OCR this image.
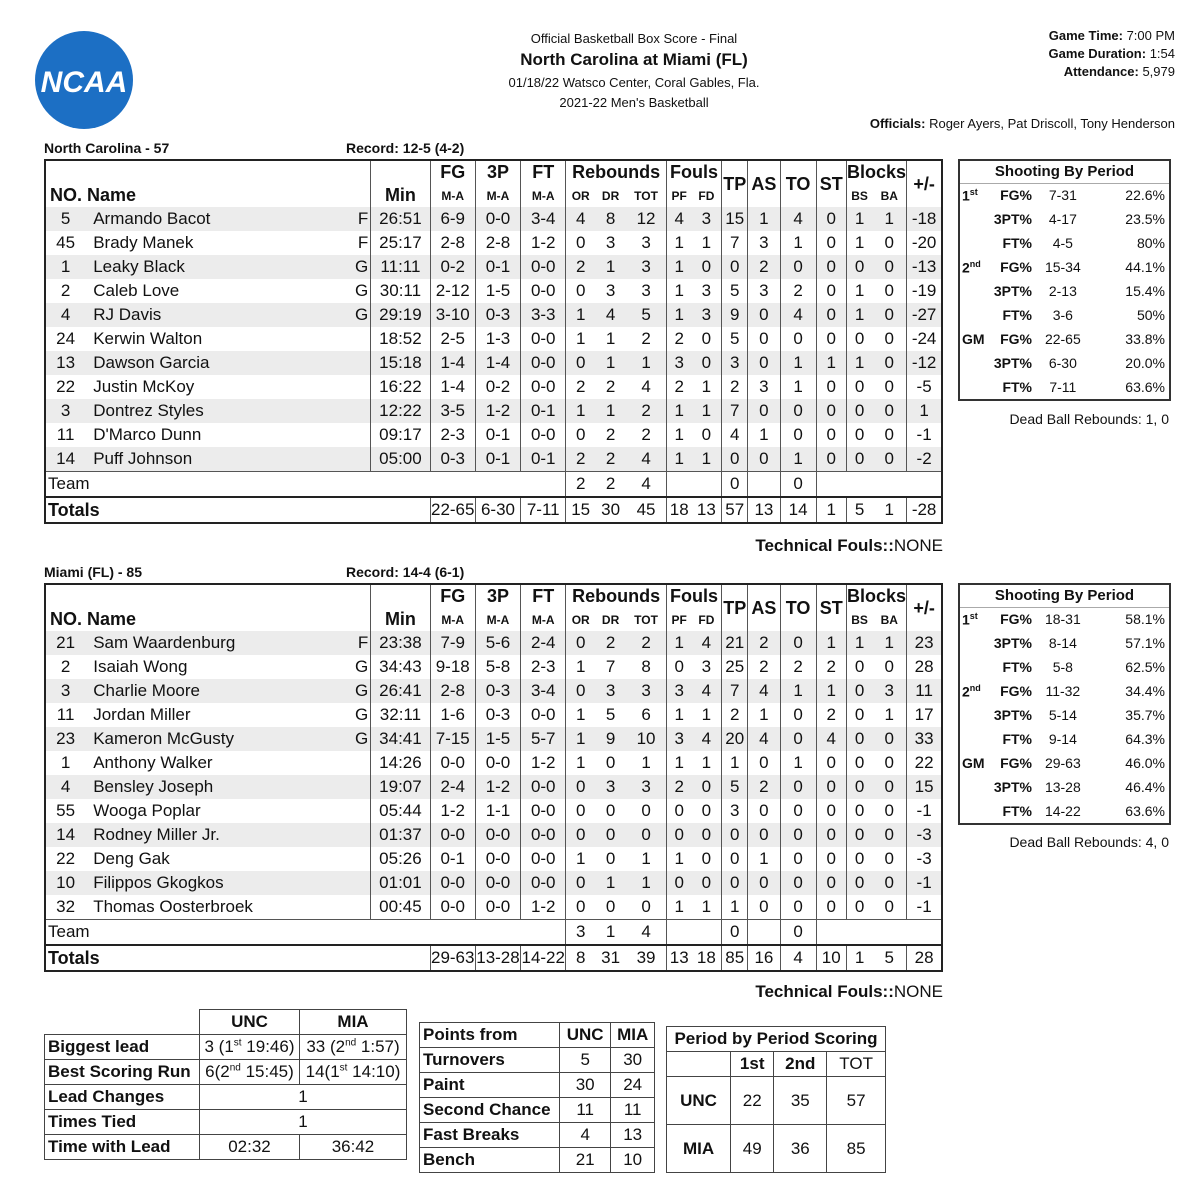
NCAA
Official Basketball Box Score - Final
North Carolina at Miami (FL)
01/18/22 Watsco Center, Coral Gables, Fla.
2021-22 Men's Basketball
Game Time: 7:00 PM
Game Duration: 1:54
Attendance: 5,979
Officials: Roger Ayers, Pat Driscoll, Tony Henderson
North Carolina - 57	Record: 12-5 (4-2)
				FG	3P	FT	Rebounds			Fouls		TP	AS	TO	ST	Blocks		+/-
NO. Name			Min	M-A	M-A	M-A	OR	DR	TOT	PF	FD					BS	BA	
5	Armando Bacot	F	26:51	6-9	0-0	3-4	4	8	12	4	3	15	1	4	0	1	1	-18
45	Brady Manek	F	25:17	2-8	2-8	1-2	0	3	3	1	1	7	3	1	0	1	0	-20
1	Leaky Black	G	11:11	0-2	0-1	0-0	2	1	3	1	0	0	2	0	0	0	0	-13
2	Caleb Love	G	30:11	2-12	1-5	0-0	0	3	3	1	3	5	3	2	0	1	0	-19
4	RJ Davis	G	29:19	3-10	0-3	3-3	1	4	5	1	3	9	0	4	0	1	0	-27
24	Kerwin Walton		18:52	2-5	1-3	0-0	1	1	2	2	0	5	0	0	0	0	0	-24
13	Dawson Garcia		15:18	1-4	1-4	0-0	0	1	1	3	0	3	0	1	1	1	0	-12
22	Justin McKoy		16:22	1-4	0-2	0-0	2	2	4	2	1	2	3	1	0	0	0	-5
3	Dontrez Styles		12:22	3-5	1-2	0-1	1	1	2	1	1	7	0	0	0	0	0	1
11	D'Marco Dunn		09:17	2-3	0-1	0-0	0	2	2	1	0	4	1	0	0	0	0	-1
14	Puff Johnson		05:00	0-3	0-1	0-1	2	2	4	1	1	0	0	1	0	0	0	-2
Team							2	2	4			0		0				
Totals				22-65	6-30	7-11	15	30	45	18	13	57	13	14	1	5	1	-28
Technical Fouls::NONE
Shooting By Period			
1st	FG%	7-31	22.6%
	3PT%	4-17	23.5%
	FT%	4-5	80%
2nd	FG%	15-34	44.1%
	3PT%	2-13	15.4%
	FT%	3-6	50%
GM	FG%	22-65	33.8%
	3PT%	6-30	20.0%
	FT%	7-11	63.6%
Dead Ball Rebounds: 1, 0
Miami (FL) - 85	Record: 14-4 (6-1)
				FG	3P	FT	Rebounds			Fouls		TP	AS	TO	ST	Blocks		+/-
NO. Name			Min	M-A	M-A	M-A	OR	DR	TOT	PF	FD					BS	BA	
21	Sam Waardenburg	F	23:38	7-9	5-6	2-4	0	2	2	1	4	21	2	0	1	1	1	23
2	Isaiah Wong	G	34:43	9-18	5-8	2-3	1	7	8	0	3	25	2	2	2	0	0	28
3	Charlie Moore	G	26:41	2-8	0-3	3-4	0	3	3	3	4	7	4	1	1	0	3	11
11	Jordan Miller	G	32:11	1-6	0-3	0-0	1	5	6	1	1	2	1	0	2	0	1	17
23	Kameron McGusty	G	34:41	7-15	1-5	5-7	1	9	10	3	4	20	4	0	4	0	0	33
1	Anthony Walker		14:26	0-0	0-0	1-2	1	0	1	1	1	1	0	1	0	0	0	22
4	Bensley Joseph		19:07	2-4	1-2	0-0	0	3	3	2	0	5	2	0	0	0	0	15
55	Wooga Poplar		05:44	1-2	1-1	0-0	0	0	0	0	0	3	0	0	0	0	0	-1
14	Rodney Miller Jr.		01:37	0-0	0-0	0-0	0	0	0	0	0	0	0	0	0	0	0	-3
22	Deng Gak		05:26	0-1	0-0	0-0	1	0	1	1	0	0	1	0	0	0	0	-3
10	Filippos Gkogkos		01:01	0-0	0-0	0-0	0	1	1	0	0	0	0	0	0	0	0	-1
32	Thomas Oosterbroek		00:45	0-0	0-0	1-2	0	0	0	1	1	1	0	0	0	0	0	-1
Team							3	1	4			0		0				
Totals				29-63	13-28	14-22	8	31	39	13	18	85	16	4	10	1	5	28
Technical Fouls::NONE
Shooting By Period			
1st	FG%	18-31	58.1%
	3PT%	8-14	57.1%
	FT%	5-8	62.5%
2nd	FG%	11-32	34.4%
	3PT%	5-14	35.7%
	FT%	9-14	64.3%
GM	FG%	29-63	46.0%
	3PT%	13-28	46.4%
	FT%	14-22	63.6%
Dead Ball Rebounds: 4, 0
	UNC	MIA
Biggest lead	3 (1st 19:46)	33 (2nd 1:57)
Best Scoring Run	6(2nd 15:45)	14(1st 14:10)
Lead Changes	1	
Times Tied	1	
Time with Lead	02:32	36:42
Points from	UNC	MIA
Turnovers	5	30
Paint	30	24
Second Chance	11	11
Fast Breaks	4	13
Bench	21	10
Period by Period Scoring			
	1st	2nd	TOT
UNC	22	35	57
MIA	49	36	85
